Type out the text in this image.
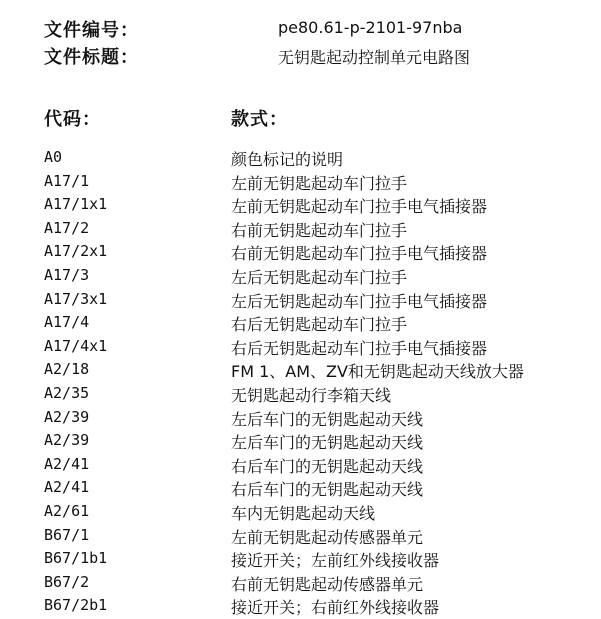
文件编号：	pe80.61-p-2101-97nba
文件标题：	无钥匙起动控制单元电路图
代码：	款式：
A0	颜色标记的说明
A17/1	左前无钥匙起动车门拉手
A17/1x1	左前无钥匙起动车门拉手电气插接器
A17/2	右前无钥匙起动车门拉手
A17/2x1	右前无钥匙起动车门拉手电气插接器
A17/3	左后无钥匙起动车门拉手
A17/3x1	左后无钥匙起动车门拉手电气插接器
A17/4	右后无钥匙起动车门拉手
A17/4x1	右后无钥匙起动车门拉手电气插接器
A2/18	FM 1、AM、ZV和无钥匙起动天线放大器
A2/35	无钥匙起动行李箱天线
A2/39	左后车门的无钥匙起动天线
A2/39	左后车门的无钥匙起动天线
A2/41	右后车门的无钥匙起动天线
A2/41	右后车门的无钥匙起动天线
A2/61	车内无钥匙起动天线
B67/1	左前无钥匙起动传感器单元
B67/1b1	接近开关；左前红外线接收器
B67/2	右前无钥匙起动传感器单元
B67/2b1	接近开关；右前红外线接收器
